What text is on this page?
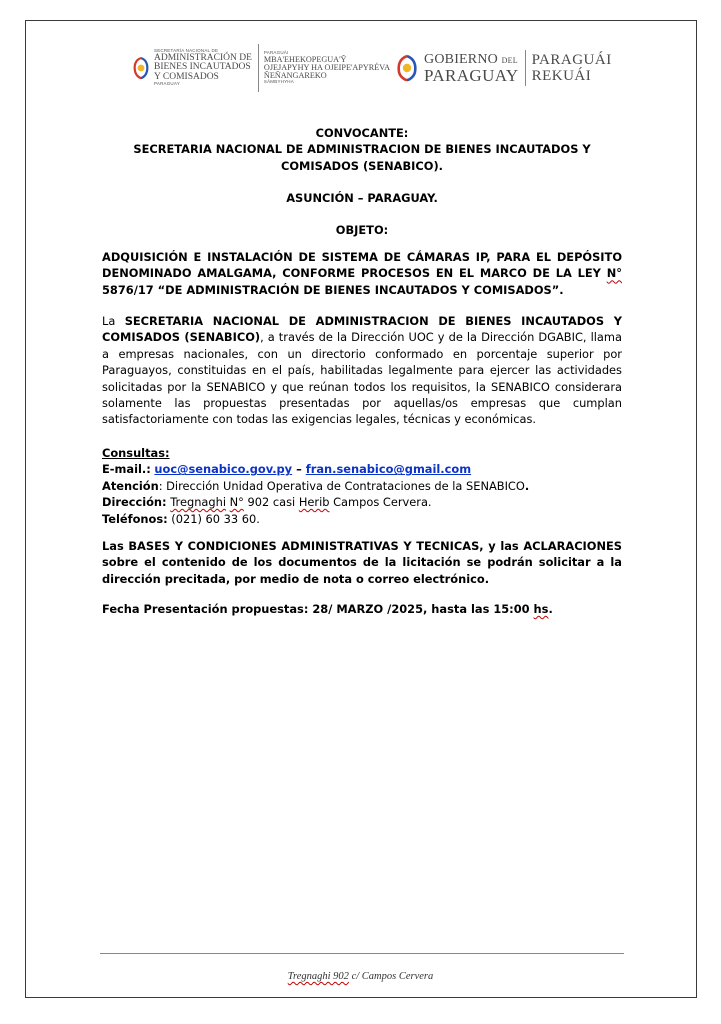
SECRETARÍA NACIONAL DE
ADMINISTRACIÓN DE
BIENES INCAUTADOS
Y COMISADOS
PARAGUAY
PARAGUÁI
MBA'EHEKOPEGUA'Ỹ
OJEJAPYHY HA OJEIPE'APYRÉVA
ÑEÑANGAREKO
SÃMBYHYHA
GOBIERNO DEL
PARAGUAY
PARAGUÁI
REKUÁI
CONVOCANTE:
SECRETARIA NACIONAL DE ADMINISTRACION DE BIENES INCAUTADOS Y COMISADOS (SENABICO).
ASUNCIÓN – PARAGUAY.
OBJETO:
ADQUISICIÓN E INSTALACIÓN DE SISTEMA DE CÁMARAS IP, PARA EL DEPÓSITO DENOMINADO AMALGAMA, CONFORME PROCESOS EN EL MARCO DE LA LEY N° 5876/17 “DE ADMINISTRACIÓN DE BIENES INCAUTADOS Y COMISADOS”.
La SECRETARIA NACIONAL DE ADMINISTRACION DE BIENES INCAUTADOS Y COMISADOS (SENABICO), a través de la Dirección UOC y de la Dirección DGABIC, llama a empresas nacionales, con un directorio conformado en porcentaje superior por Paraguayos, constituidas en el país, habilitadas legalmente para ejercer las actividades solicitadas por la SENABICO y que reúnan todos los requisitos, la SENABICO considerara solamente las propuestas presentadas por aquellas/os empresas que cumplan satisfactoriamente con todas las exigencias legales, técnicas y económicas.
Consultas:
E-mail.: uoc@senabico.gov.py – fran.senabico@gmail.com
Atención: Dirección Unidad Operativa de Contrataciones de la SENABICO.
Dirección: Tregnaghi N° 902 casi Herib Campos Cervera.
Teléfonos: (021) 60 33 60.
Las BASES Y CONDICIONES ADMINISTRATIVAS Y TECNICAS, y las ACLARACIONES sobre el contenido de los documentos de la licitación se podrán solicitar a la dirección precitada, por medio de nota o correo electrónico.
Fecha Presentación propuestas: 28/ MARZO /2025, hasta las 15:00 hs.
Tregnaghi 902 c/ Campos Cervera
